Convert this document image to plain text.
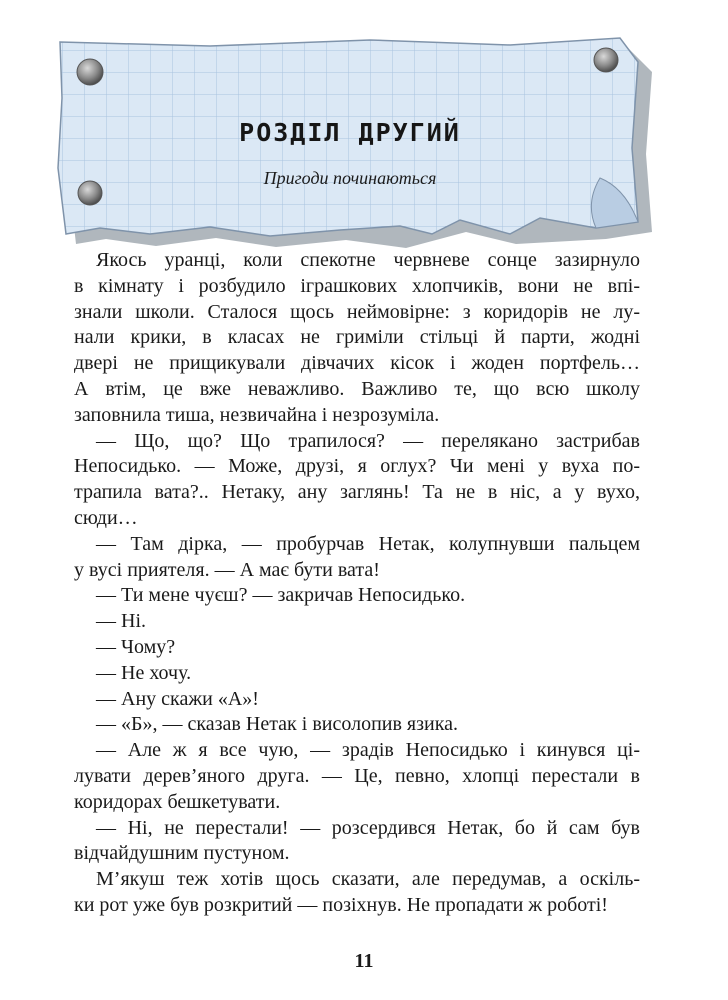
РОЗДІЛ ДРУГИЙ
Пригоди починаються
Якось уранці, коли спекотне червневе сонце зазирнуло
в кімнату і розбудило іграшкових хлопчиків, вони не впі-
знали школи. Сталося щось неймовірне: з коридорів не лу-
нали крики, в класах не гриміли стільці й парти, жодні
двері не прищикували дівчачих кісок і жоден портфель…
А втім, це вже неважливо. Важливо те, що всю школу
заповнила тиша, незвичайна і незрозуміла.
— Що, що? Що трапилося? — перелякано застрибав
Непосидько. — Може, друзі, я оглух? Чи мені у вуха по-
трапила вата?.. Нетаку, ану заглянь! Та не в ніс, а у вухо,
сюди…
— Там дірка, — пробурчав Нетак, колупнувши пальцем
у вусі приятеля. — А має бути вата!
— Ти мене чуєш? — закричав Непосидько.
— Ні.
— Чому?
— Не хочу.
— Ану скажи «А»!
— «Б», — сказав Нетак і висолопив язика.
— Але ж я все чую, — зрадів Непосидько і кинувся ці-
лувати дерев’яного друга. — Це, певно, хлопці перестали в
коридорах бешкетувати.
— Ні, не перестали! — розсердився Нетак, бо й сам був
відчайдушним пустуном.
М’якуш теж хотів щось сказати, але передумав, а оскіль-
ки рот уже був розкритий — позіхнув. Не пропадати ж роботі!
11
